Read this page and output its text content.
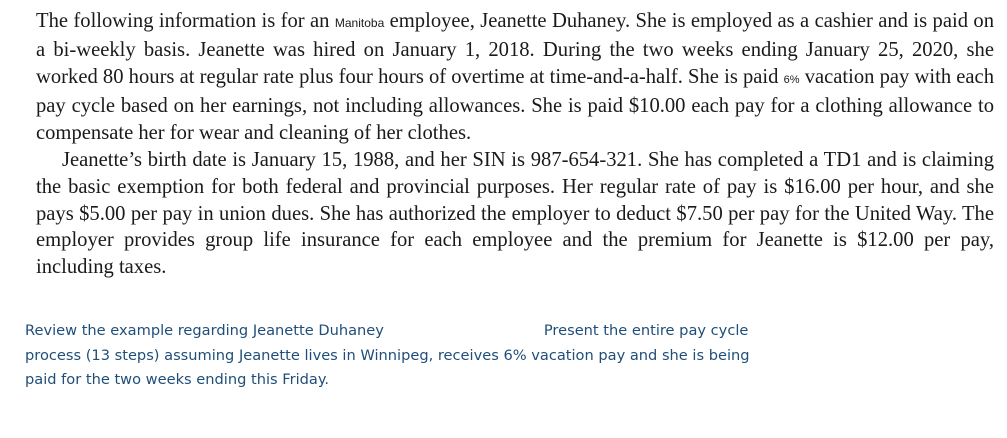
The following information is for an Manitoba employee, Jeanette Duhaney. She is employed as a cashier and is paid on a bi-weekly basis. Jeanette was hired on January 1, 2018. During the two weeks ending January 25, 2020, she worked 80 hours at regular rate plus four hours of overtime at time-and-a-half. She is paid 6% vacation pay with each pay cycle based on her earnings, not including allowances. She is paid $10.00 each pay for a clothing allowance to compensate her for wear and cleaning of her clothes.

Jeanette’s birth date is January 15, 1988, and her SIN is 987-654-321. She has completed a TD1 and is claiming the basic exemption for both federal and provincial purposes. Her regular rate of pay is $16.00 per hour, and she pays $5.00 per pay in union dues. She has authorized the employer to deduct $7.50 per pay for the United Way. The employer provides group life insurance for each employee and the premium for Jeanette is $12.00 per pay, including taxes.

Review the example regarding Jeanette Duhaney	Present the entire pay cycle
process (13 steps) assuming Jeanette lives in Winnipeg, receives 6% vacation pay and she is being
paid for the two weeks ending this Friday.
